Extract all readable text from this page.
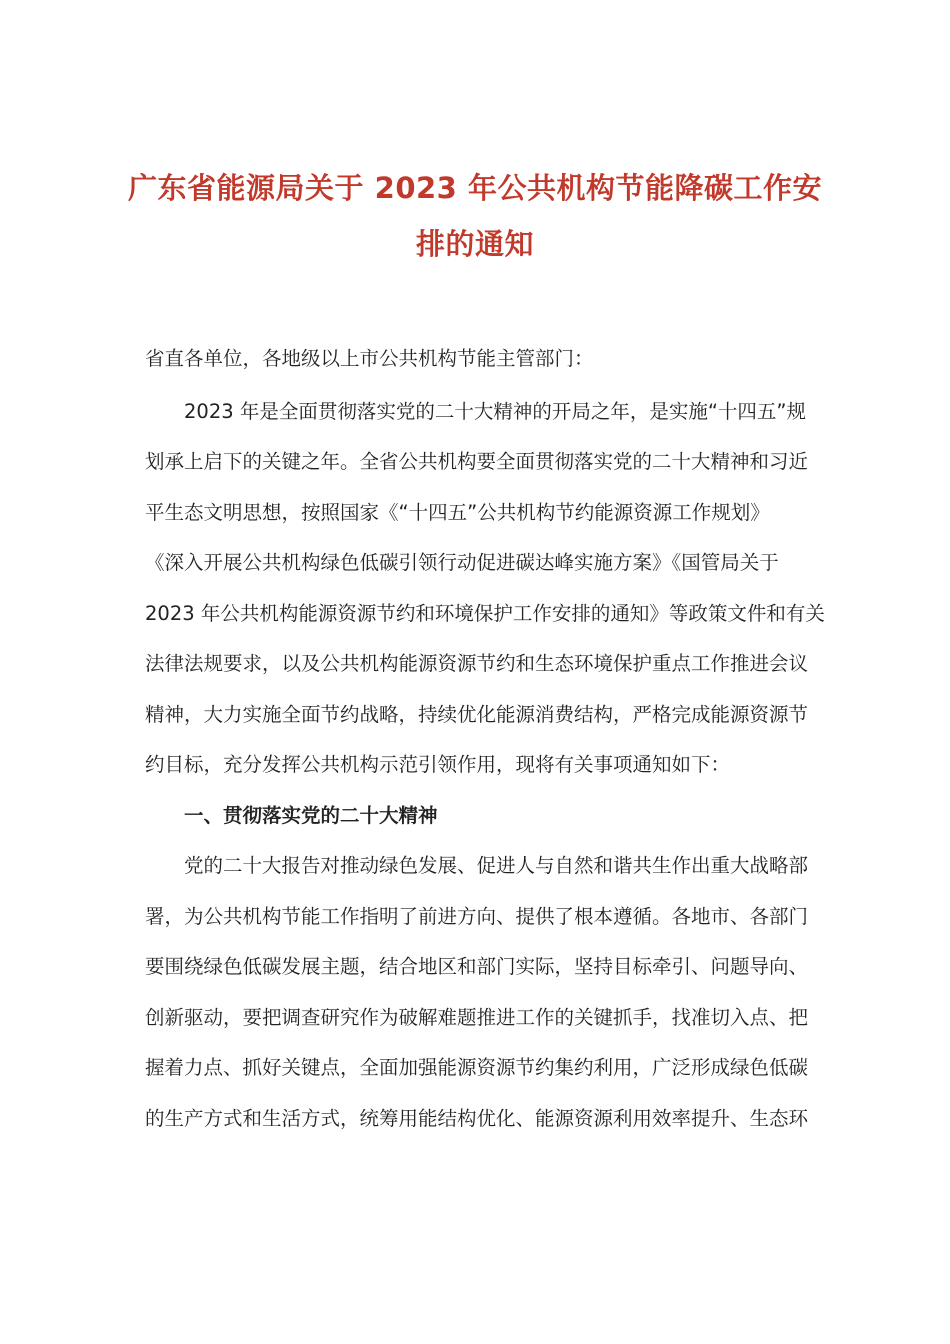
广东省能源局关于 2023 年公共机构节能降碳工作安
排的通知

省直各单位，各地级以上市公共机构节能主管部门：

2023 年是全面贯彻落实党的二十大精神的开局之年，是实施“十四五”规
划承上启下的关键之年。全省公共机构要全面贯彻落实党的二十大精神和习近
平生态文明思想，按照国家《“十四五”公共机构节约能源资源工作规划》
《深入开展公共机构绿色低碳引领行动促进碳达峰实施方案》《国管局关于
2023 年公共机构能源资源节约和环境保护工作安排的通知》等政策文件和有关
法律法规要求，以及公共机构能源资源节约和生态环境保护重点工作推进会议
精神，大力实施全面节约战略，持续优化能源消费结构，严格完成能源资源节
约目标，充分发挥公共机构示范引领作用，现将有关事项通知如下：

一、贯彻落实党的二十大精神

党的二十大报告对推动绿色发展、促进人与自然和谐共生作出重大战略部
署，为公共机构节能工作指明了前进方向、提供了根本遵循。各地市、各部门
要围绕绿色低碳发展主题，结合地区和部门实际，坚持目标牵引、问题导向、
创新驱动，要把调查研究作为破解难题推进工作的关键抓手，找准切入点、把
握着力点、抓好关键点，全面加强能源资源节约集约利用，广泛形成绿色低碳
的生产方式和生活方式，统筹用能结构优化、能源资源利用效率提升、生态环
